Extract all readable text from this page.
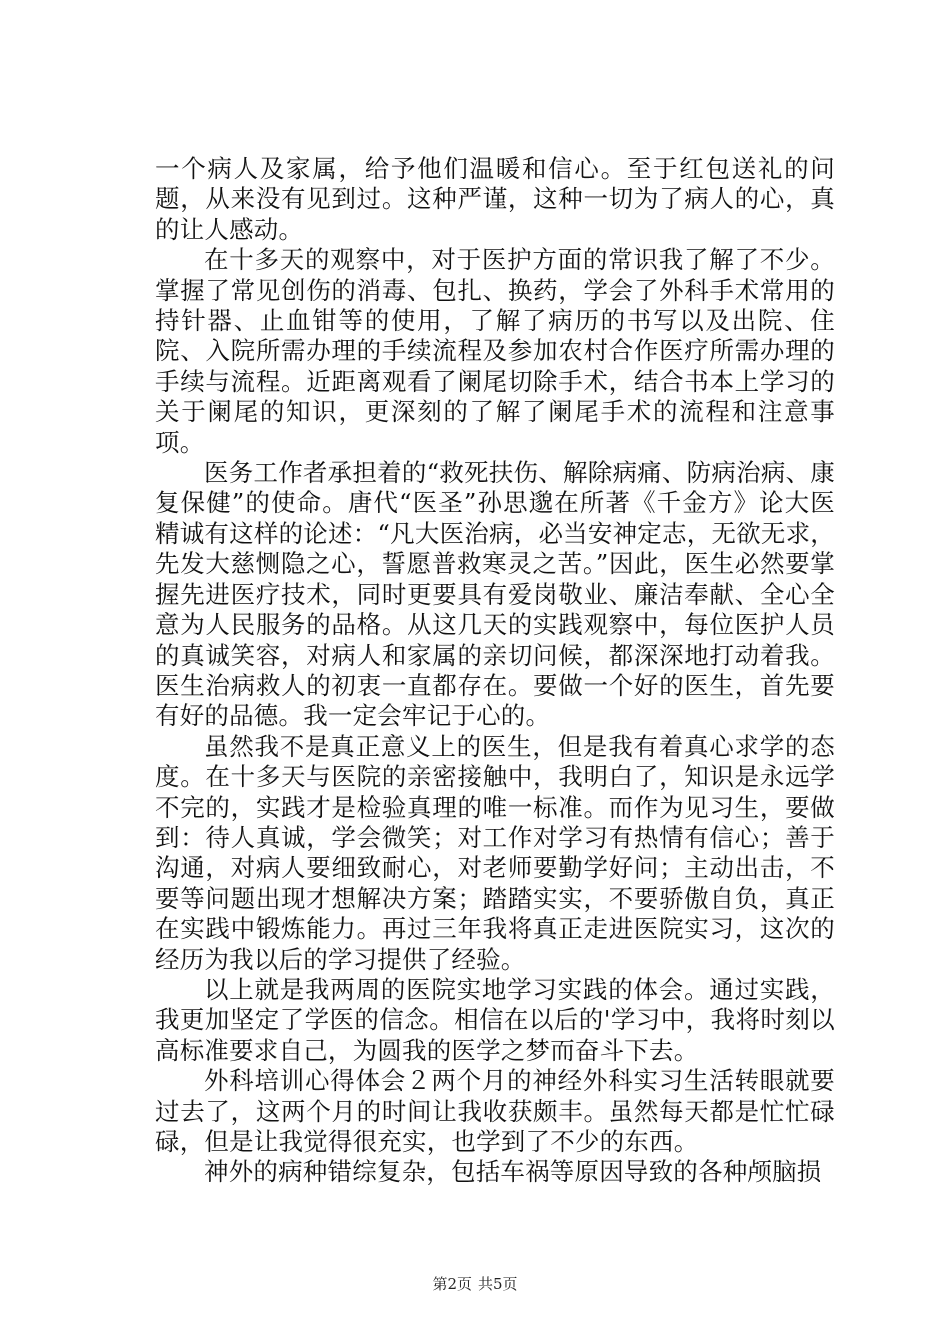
一个病人及家属，给予他们温暖和信心。至于红包送礼的问题，从来没有见到过。这种严谨，这种一切为了病人的心，真的让人感动。

在十多天的观察中，对于医护方面的常识我了解了不少。掌握了常见创伤的消毒、包扎、换药，学会了外科手术常用的持针器、止血钳等的使用，了解了病历的书写以及出院、住院、入院所需办理的手续流程及参加农村合作医疗所需办理的手续与流程。近距离观看了阑尾切除手术，结合书本上学习的关于阑尾的知识，更深刻的了解了阑尾手术的流程和注意事项。

医务工作者承担着的“救死扶伤、解除病痛、防病治病、康复保健”的使命。唐代“医圣”孙思邈在所著《千金方》论大医精诚有这样的论述：“凡大医治病，必当安神定志，无欲无求，先发大慈恻隐之心，誓愿普救寒灵之苦。”因此，医生必然要掌握先进医疗技术，同时更要具有爱岗敬业、廉洁奉献、全心全意为人民服务的品格。从这几天的实践观察中，每位医护人员的真诚笑容，对病人和家属的亲切问候，都深深地打动着我。医生治病救人的初衷一直都存在。要做一个好的医生，首先要有好的品德。我一定会牢记于心的。

虽然我不是真正意义上的医生，但是我有着真心求学的态度。在十多天与医院的亲密接触中，我明白了，知识是永远学不完的，实践才是检验真理的唯一标准。而作为见习生，要做到：待人真诚，学会微笑；对工作对学习有热情有信心；善于沟通，对病人要细致耐心，对老师要勤学好问；主动出击，不要等问题出现才想解决方案；踏踏实实，不要骄傲自负，真正在实践中锻炼能力。再过三年我将真正走进医院实习，这次的经历为我以后的学习提供了经验。

以上就是我两周的医院实地学习实践的体会。通过实践，我更加坚定了学医的信念。相信在以后的'学习中，我将时刻以高标准要求自己，为圆我的医学之梦而奋斗下去。

外科培训心得体会２两个月的神经外科实习生活转眼就要过去了，这两个月的时间让我收获颇丰。虽然每天都是忙忙碌碌，但是让我觉得很充实，也学到了不少的东西。

神外的病种错综复杂，包括车祸等原因导致的各种颅脑损

第2页 共5页
